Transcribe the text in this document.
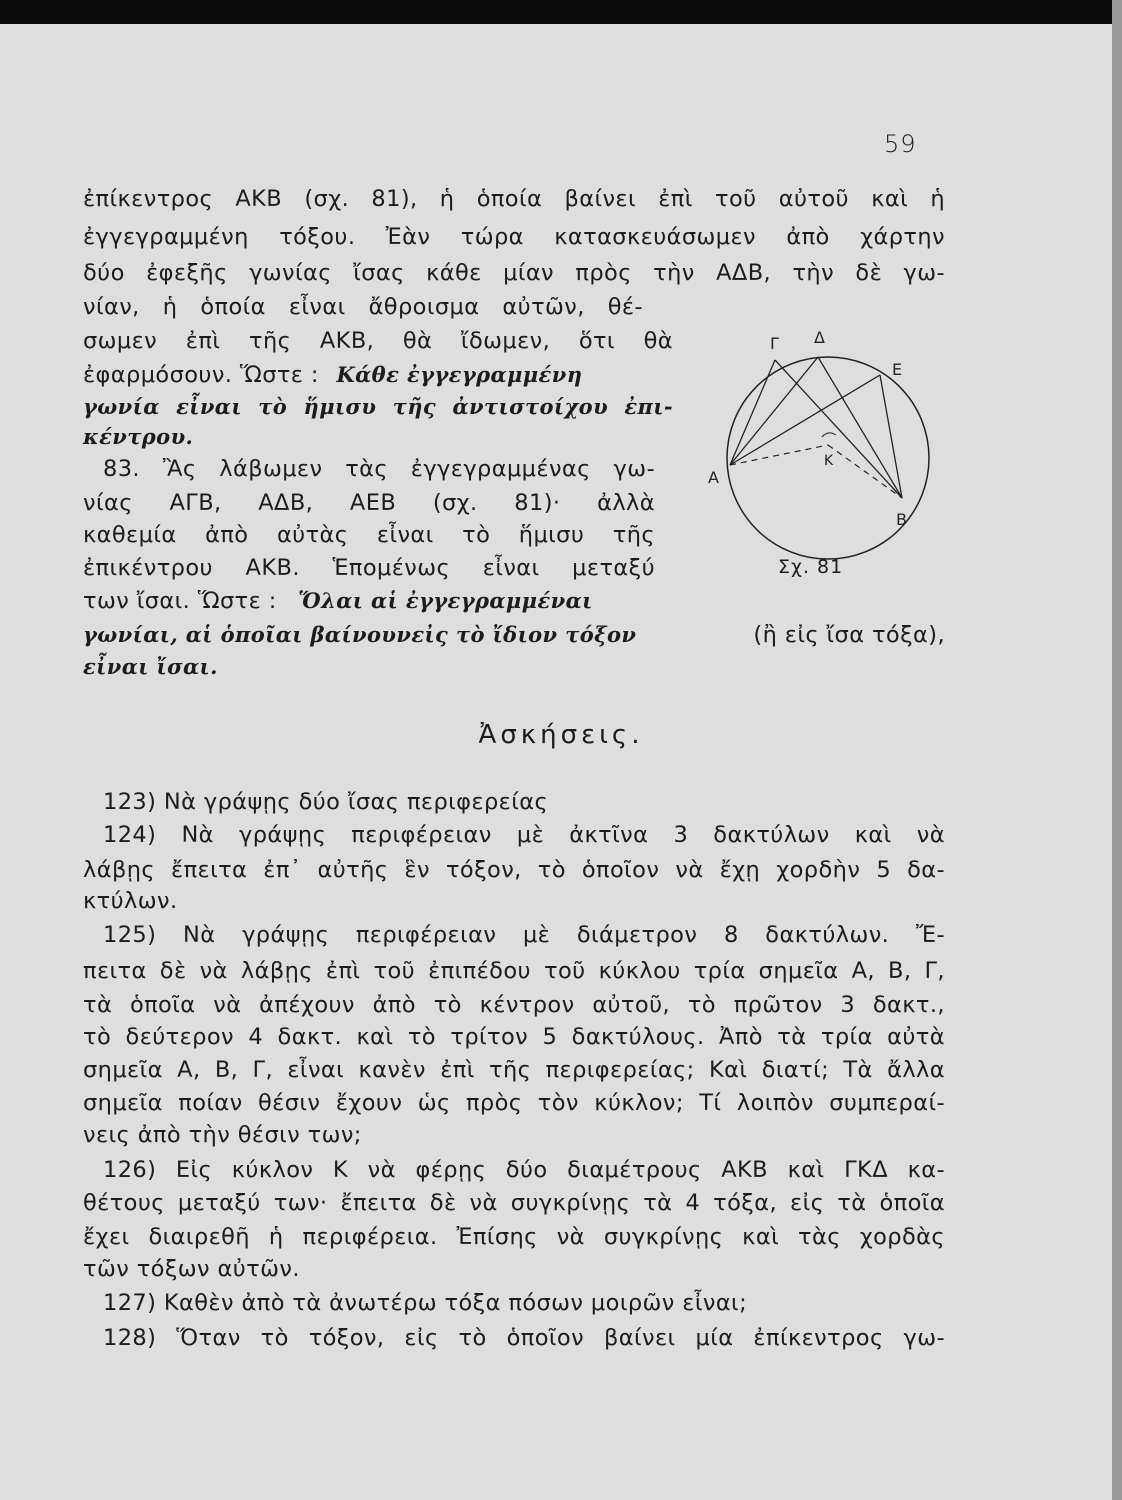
59
ἐπίκεντρος ΑΚΒ (σχ. 81), ἡ ὁποία βαίνει ἐπὶ τοῦ αὐτοῦ καὶ ἡ
ἐγγεγραμμένη τόξου. Ἐὰν τώρα κατασκευάσωμεν ἀπὸ χάρτην
δύο ἐφεξῆς γωνίας ἴσας κάθε μίαν πρὸς τὴν ΑΔΒ, τὴν δὲ γω-
νίαν, ἡ ὁποία εἶναι ἄθροισμα αὐτῶν, θέ-
σωμεν ἐπὶ τῆς ΑΚΒ, θὰ ἴδωμεν, ὅτι θὰ
ἐφαρμόσουν. Ὥστε : Κάθε ἐγγεγραμμένη
γωνία εἶναι τὸ ἥμισυ τῆς ἀντιστοίχου ἐπι-
κέντρου.
83. Ἂς λάβωμεν τὰς ἐγγεγραμμένας γω-
νίας ΑΓΒ, ΑΔΒ, ΑΕΒ (σχ. 81)· ἀλλὰ
καθεμία ἀπὸ αὐτὰς εἶναι τὸ ἥμισυ τῆς
ἐπικέντρου ΑΚΒ. Ἑπομένως εἶναι μεταξύ
των ἴσαι. Ὥστε : Ὅλαι αἱ ἐγγεγραμμέναι
γωνίαι, αἱ ὁποῖαι βαίνουνεἰς τὸ ἴδιον τόξον	(ἢ εἰς ἴσα τόξα),
εἶναι ἴσαι.
Γ Δ
Ε
Α
Κ
Β
Σχ. 81
Ἀσκήσεις.
123) Νὰ γράψῃς δύο ἴσας περιφερείας
124) Νὰ γράψῃς περιφέρειαν μὲ ἀκτῖνα 3 δακτύλων καὶ νὰ
λάβῃς ἔπειτα ἐπ᾽ αὐτῆς ἓν τόξον, τὸ ὁποῖον νὰ ἔχῃ χορδὴν 5 δα-
κτύλων.
125) Νὰ γράψῃς περιφέρειαν μὲ διάμετρον 8 δακτύλων. Ἔ-
πειτα δὲ νὰ λάβῃς ἐπὶ τοῦ ἐπιπέδου τοῦ κύκλου τρία σημεῖα Α, Β, Γ,
τὰ ὁποῖα νὰ ἀπέχουν ἀπὸ τὸ κέντρον αὐτοῦ, τὸ πρῶτον 3 δακτ.,
τὸ δεύτερον 4 δακτ. καὶ τὸ τρίτον 5 δακτύλους. Ἀπὸ τὰ τρία αὐτὰ
σημεῖα Α, Β, Γ, εἶναι κανὲν ἐπὶ τῆς περιφερείας; Καὶ διατί; Τὰ ἄλλα
σημεῖα ποίαν θέσιν ἔχουν ὡς πρὸς τὸν κύκλον; Τί λοιπὸν συμπεραί-
νεις ἀπὸ τὴν θέσιν των;
126) Εἰς κύκλον Κ νὰ φέρῃς δύο διαμέτρους ΑΚΒ καὶ ΓΚΔ κα-
θέτους μεταξύ των· ἔπειτα δὲ νὰ συγκρίνῃς τὰ 4 τόξα, εἰς τὰ ὁποῖα
ἔχει διαιρεθῆ ἡ περιφέρεια. Ἐπίσης νὰ συγκρίνῃς καὶ τὰς χορδὰς
τῶν τόξων αὐτῶν.
127) Καθὲν ἀπὸ τὰ ἀνωτέρω τόξα πόσων μοιρῶν εἶναι;
128) Ὅταν τὸ τόξον, εἰς τὸ ὁποῖον βαίνει μία ἐπίκεντρος γω-
